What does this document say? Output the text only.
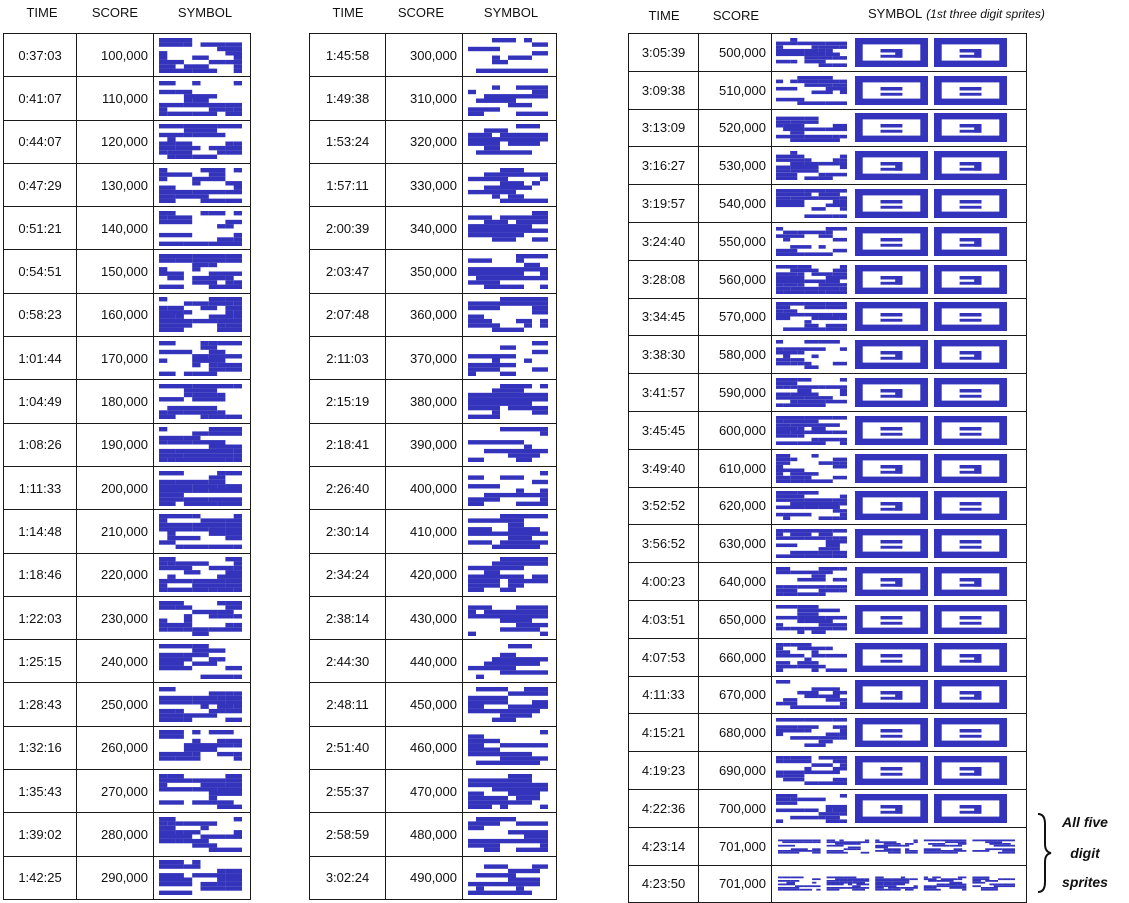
TIME	SCORE	SYMBOL
0:37:03	100,000	

0:41:07	110,000	

0:44:07	120,000	

0:47:29	130,000	

0:51:21	140,000	

0:54:51	150,000	

0:58:23	160,000	

1:01:44	170,000	

1:04:49	180,000	

1:08:26	190,000	

1:11:33	200,000	

1:14:48	210,000	

1:18:46	220,000	

1:22:03	230,000	

1:25:15	240,000	

1:28:43	250,000	

1:32:16	260,000	

1:35:43	270,000	

1:39:02	280,000	

1:42:25	290,000	
TIME	SCORE	SYMBOL
1:45:58	300,000	

1:49:38	310,000	

1:53:24	320,000	

1:57:11	330,000	

2:00:39	340,000	

2:03:47	350,000	

2:07:48	360,000	

2:11:03	370,000	

2:15:19	380,000	

2:18:41	390,000	

2:26:40	400,000	

2:30:14	410,000	

2:34:24	420,000	

2:38:14	430,000	

2:44:30	440,000	

2:48:11	450,000	

2:51:40	460,000	

2:55:37	470,000	

2:58:59	480,000	

3:02:24	490,000	
TIME	SCORE	SYMBOL (1st three digit sprites)
3:05:39	500,000	

3:09:38	510,000	

3:13:09	520,000	

3:16:27	530,000	

3:19:57	540,000	

3:24:40	550,000	

3:28:08	560,000	

3:34:45	570,000	

3:38:30	580,000	

3:41:57	590,000	

3:45:45	600,000	

3:49:40	610,000	

3:52:52	620,000	

3:56:52	630,000	

4:00:23	640,000	

4:03:51	650,000	

4:07:53	660,000	

4:11:33	670,000	

4:15:21	680,000	

4:19:23	690,000	

4:22:36	700,000	

4:23:14	701,000	

4:23:50	701,000	
All five
digit
sprites
